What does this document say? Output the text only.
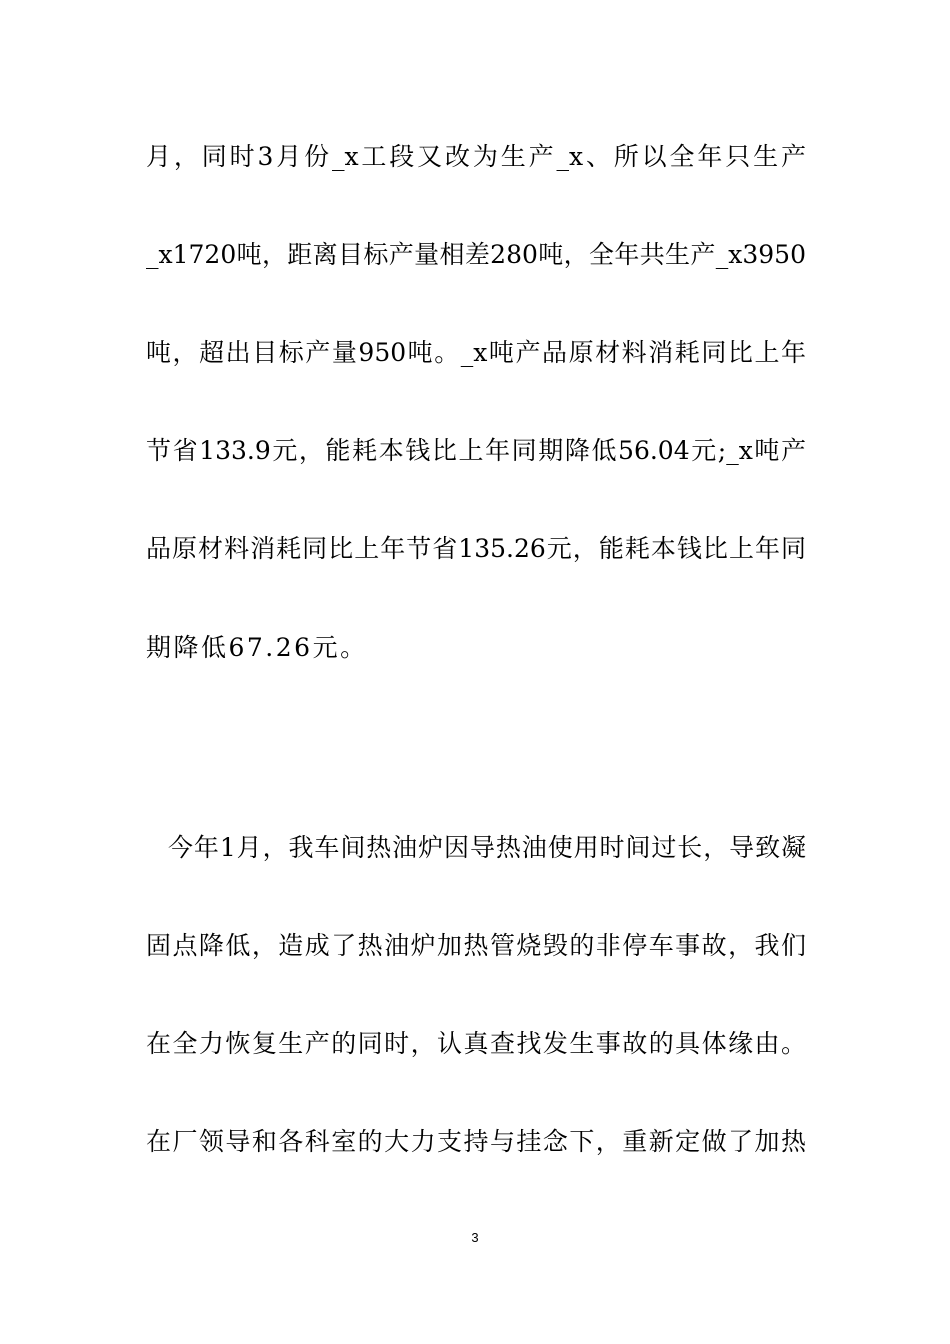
月，同时3月份_x工段又改为生产_x、所以全年只生产
_x1720吨，距离目标产量相差280吨，全年共生产_x3950
吨，超出目标产量950吨。_x吨产品原材料消耗同比上年
节省133.9元，能耗本钱比上年同期降低56.04元;_x吨产
品原材料消耗同比上年节省135.26元，能耗本钱比上年同
期降低67.26元。
今年1月，我车间热油炉因导热油使用时间过长，导致凝
固点降低，造成了热油炉加热管烧毁的非停车事故，我们
在全力恢复生产的同时，认真查找发生事故的具体缘由。
在厂领导和各科室的大力支持与挂念下，重新定做了加热
3
